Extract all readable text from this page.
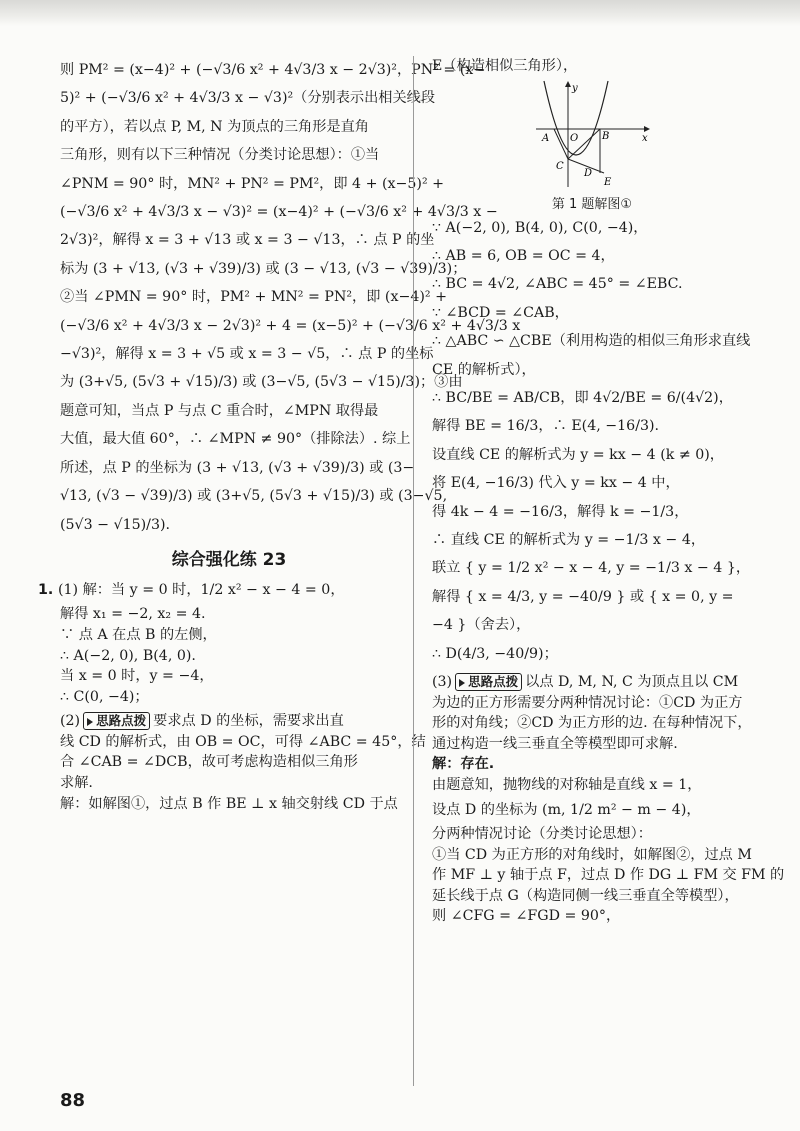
则 PM² = (x−4)² + (−√3/6 x² + 4√3/3 x − 2√3)²，PN² = (x−

5)² + (−√3/6 x² + 4√3/3 x − √3)²（分别表示出相关线段

的平方），若以点 P, M, N 为顶点的三角形是直角

三角形，则有以下三种情况（分类讨论思想）：①当

∠PNM = 90° 时，MN² + PN² = PM²，即 4 + (x−5)² +

(−√3/6 x² + 4√3/3 x − √3)² = (x−4)² + (−√3/6 x² + 4√3/3 x −

2√3)²，解得 x = 3 + √13 或 x = 3 − √13，∴ 点 P 的坐

标为 (3 + √13, (√3 + √39)/3) 或 (3 − √13, (√3 − √39)/3)；

②当 ∠PMN = 90° 时，PM² + MN² = PN²，即 (x−4)² +

(−√3/6 x² + 4√3/3 x − 2√3)² + 4 = (x−5)² + (−√3/6 x² + 4√3/3 x

−√3)²，解得 x = 3 + √5 或 x = 3 − √5，∴ 点 P 的坐标

为 (3+√5, (5√3 + √15)/3) 或 (3−√5, (5√3 − √15)/3)；③由

题意可知，当点 P 与点 C 重合时，∠MPN 取得最

大值，最大值 60°，∴ ∠MPN ≠ 90°（排除法）. 综上

所述，点 P 的坐标为 (3 + √13, (√3 + √39)/3) 或 (3−

√13, (√3 − √39)/3) 或 (3+√5, (5√3 + √15)/3) 或 (3−√5,

(5√3 − √15)/3).

综合强化练 23

1. (1) 解：当 y = 0 时，1/2 x² − x − 4 = 0，

解得 x₁ = −2, x₂ = 4.

∵ 点 A 在点 B 的左侧，

∴ A(−2, 0), B(4, 0).

当 x = 0 时，y = −4，

∴ C(0, −4)；

(2) 思路点拨 要求点 D 的坐标，需要求出直

线 CD 的解析式，由 OB = OC，可得 ∠ABC = 45°，结

合 ∠CAB = ∠DCB，故可考虑构造相似三角形

求解.

解：如解图①，过点 B 作 BE ⊥ x 轴交射线 CD 于点

E（构造相似三角形），

y
x
O
A	B
C
D
E
第 1 题解图①

∵ A(−2, 0), B(4, 0), C(0, −4)，

∴ AB = 6, OB = OC = 4，

∴ BC = 4√2, ∠ABC = 45° = ∠EBC.

∵ ∠BCD = ∠CAB，

∴ △ABC ∽ △CBE（利用构造的相似三角形求直线

CE 的解析式），

∴ BC/BE = AB/CB，即 4√2/BE = 6/(4√2)，

解得 BE = 16/3，∴ E(4, −16/3).

设直线 CE 的解析式为 y = kx − 4 (k ≠ 0)，

将 E(4, −16/3) 代入 y = kx − 4 中，

得 4k − 4 = −16/3，解得 k = −1/3，

∴ 直线 CE 的解析式为 y = −1/3 x − 4，

联立 { y = 1/2 x² − x − 4, y = −1/3 x − 4 }，解得 { x = 4/3, y = −40/9 } 或 { x = 0, y = −4 }（舍去），

∴ D(4/3, −40/9)；

(3) 思路点拨 以点 D, M, N, C 为顶点且以 CM

为边的正方形需要分两种情况讨论：①CD 为正方

形的对角线；②CD 为正方形的边. 在每种情况下，

通过构造一线三垂直全等模型即可求解.

解：存在.

由题意知，抛物线的对称轴是直线 x = 1，

设点 D 的坐标为 (m, 1/2 m² − m − 4)，

分两种情况讨论（分类讨论思想）：

①当 CD 为正方形的对角线时，如解图②，过点 M

作 MF ⊥ y 轴于点 F，过点 D 作 DG ⊥ FM 交 FM 的

延长线于点 G（构造同侧一线三垂直全等模型），

则 ∠CFG = ∠FGD = 90°，

88
